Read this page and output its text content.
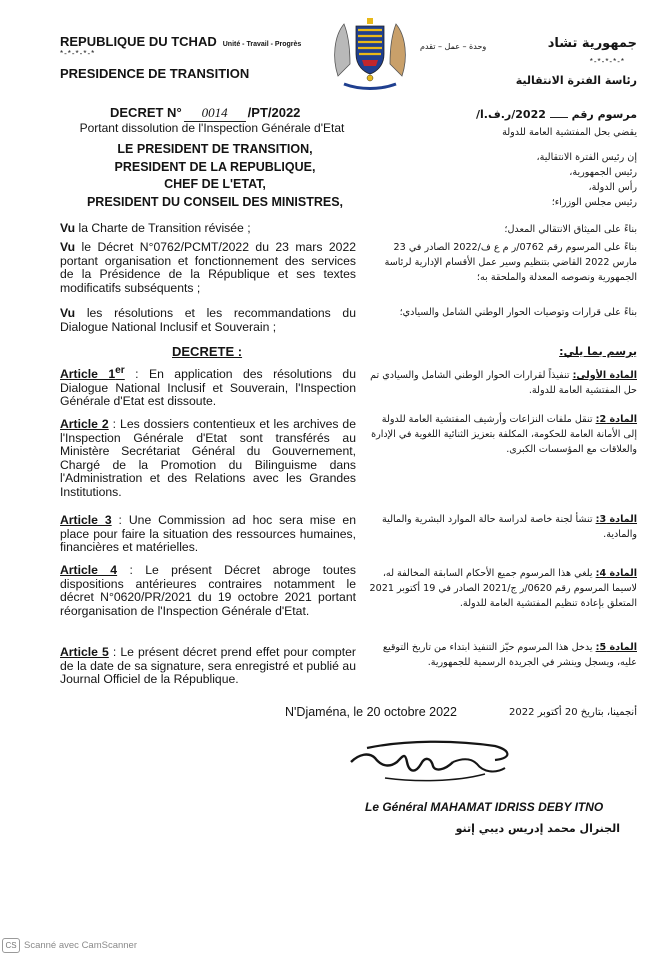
REPUBLIQUE DU TCHAD Unité - Travail - Progrès
*-*-*-*-*
PRESIDENCE DE TRANSITION
جمهورية تشاد
وحدة – عمل – تقدم
*-*-*-*-*
رئاسة الفترة الانتقالية
DECRET N° 0014 /PT/2022
Portant dissolution de l'Inspection Générale d'Etat
LE PRESIDENT DE TRANSITION,
PRESIDENT DE LA REPUBLIQUE,
CHEF DE L'ETAT,
PRESIDENT DU CONSEIL DES MINISTRES,
Vu la Charte de Transition révisée ;
Vu le Décret N°0762/PCMT/2022 du 23 mars 2022 portant organisation et fonctionnement des services de la Présidence de la République et ses textes modificatifs subséquents ;
Vu les résolutions et les recommandations du Dialogue National Inclusif et Souverain ;
DECRETE :
Article 1er : En application des résolutions du Dialogue National Inclusif et Souverain, l'Inspection Générale d'Etat est dissoute.
Article 2 : Les dossiers contentieux et les archives de l'Inspection Générale d'Etat sont transférés au Ministère Secrétariat Général du Gouvernement, Chargé de la Promotion du Bilinguisme dans l'Administration et des Relations avec les Grandes Institutions.
Article 3 : Une Commission ad hoc sera mise en place pour faire la situation des ressources humaines, financières et matérielles.
Article 4 : Le présent Décret abroge toutes dispositions antérieures contraires notamment le décret N°0620/PR/2021 du 19 octobre 2021 portant réorganisation de l'Inspection Générale d'Etat.
Article 5 : Le présent décret prend effet pour compter de la date de sa signature, sera enregistré et publié au Journal Officiel de la République.
مرسوم رقم  2022/ر.ف.ا/
يقضي بحل المفتشية العامة للدولة
إن رئيس الفترة الانتقالية،
رئيس الجمهورية،
رأس الدولة،
رئيس مجلس الوزراء؛
بناءً على الميثاق الانتقالي المعدل؛
بناءً على المرسوم رقم 0762/ر م ع ف/2022 الصادر في 23 مارس 2022 القاضي بتنظيم وسير عمل الأقسام الإدارية لرئاسة الجمهورية ونصوصه المعدلة والملحقة به؛
بناءً على قرارات وتوصيات الحوار الوطني الشامل والسيادي؛
يرسم بما يلي:
المادة الأولى: تنفيذاً لقرارات الحوار الوطني الشامل والسيادي تم حل المفتشية العامة للدولة.
المادة 2: تنقل ملفات النزاعات وأرشيف المفتشية العامة للدولة إلى الأمانة العامة للحكومة، المكلفة بتعزيز الثنائية اللغوية في الإدارة والعلاقات مع المؤسسات الكبرى.
المادة 3: تنشأ لجنة خاصة لدراسة حالة الموارد البشرية والمالية والمادية.
المادة 4: يلغي هذا المرسوم جميع الأحكام السابقة المخالفة له، لاسيما المرسوم رقم 0620/ر ج/2021 الصادر في 19 أكتوبر 2021 المتعلق بإعادة تنظيم المفتشية العامة للدولة.
المادة 5: يدخل هذا المرسوم حيّز التنفيذ ابتداء من تاريخ التوقيع عليه، ويسجل وينشر في الجريدة الرسمية للجمهورية.
N'Djaména, le 20 octobre 2022	أنجمينا، بتاريخ 20 أكتوبر 2022
Le Général MAHAMAT IDRISS DEBY ITNO
الجنرال محمد إدريس ديبي إتنو
CS Scanné avec CamScanner
